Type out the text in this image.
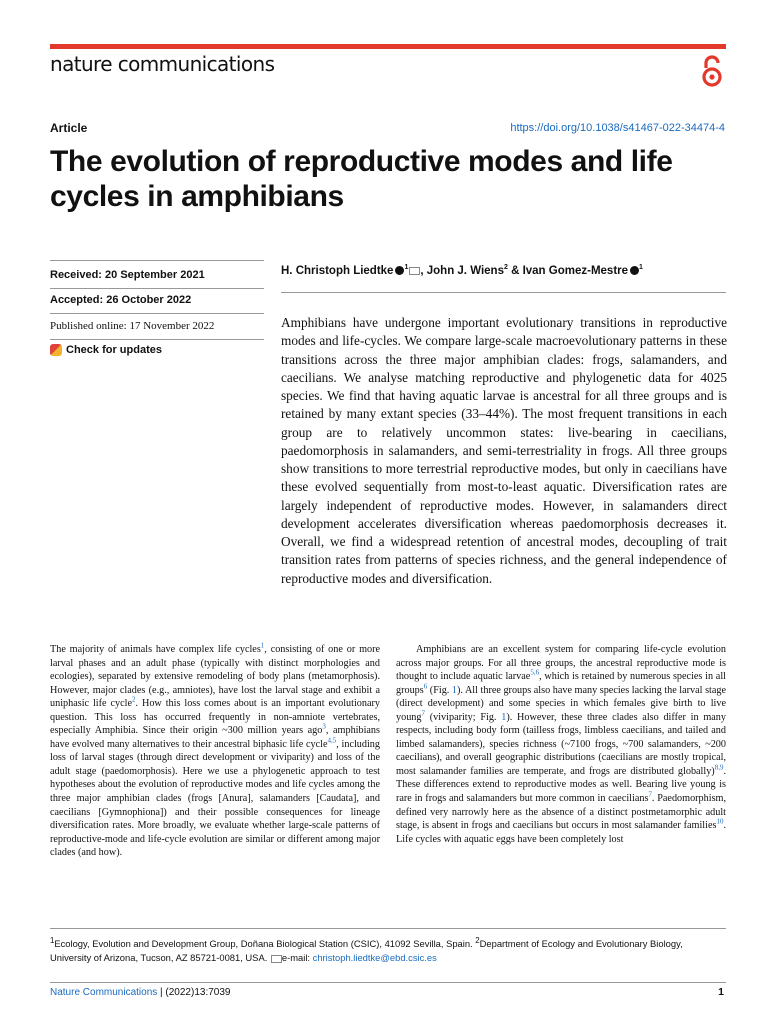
nature communications
Article	https://doi.org/10.1038/s41467-022-34474-4
The evolution of reproductive modes and life cycles in amphibians
Received: 20 September 2021
Accepted: 26 October 2022
Published online: 17 November 2022
Check for updates
H. Christoph Liedtke $^1$ , John J. Wiens$^2$ & Ivan Gomez-Mestre $^1$

Amphibians have undergone important evolutionary transitions in reproductive modes and life-cycles. We compare large-scale macroevolutionary patterns in these transitions across the three major amphibian clades: frogs, salamanders, and caecilians. We analyse matching reproductive and phylogenetic data for 4025 species. We find that having aquatic larvae is ancestral for all three groups and is retained by many extant species (33–44%). The most frequent transitions in each group are to relatively uncommon states: live-bearing in caecilians, paedomorphosis in salamanders, and semi-terrestriality in frogs. All three groups show transitions to more terrestrial reproductive modes, but only in caecilians have these evolved sequentially from most-to-least aquatic. Diversification rates are largely independent of reproductive modes. However, in salamanders direct development accelerates diversification whereas paedomorphosis decreases it. Overall, we find a widespread retention of ancestral modes, decoupling of trait transition rates from patterns of species richness, and the general independence of reproductive modes and diversification.

The majority of animals have complex life cycles$^1$, consisting of one or more larval phases and an adult phase (typically with distinct morphologies and ecologies), separated by extensive remodeling of body plans (metamorphosis). However, major clades (e.g., amniotes), have lost the larval stage and exhibit a uniphasic life cycle$^2$. How this loss comes about is an important evolutionary question. This loss has occurred frequently in non-amniote vertebrates, especially Amphibia. Since their origin ~300 million years ago$^3$, amphibians have evolved many alternatives to their ancestral biphasic life cycle$^{4,5}$, including loss of larval stages (through direct development or viviparity) and loss of the adult stage (paedomorphosis). Here we use a phylogenetic approach to test hypotheses about the evolution of reproductive modes and life cycles among the three major amphibian clades (frogs [Anura], salamanders [Caudata], and caecilians [Gymnophiona]) and their possible consequences for lineage diversification rates. More broadly, we evaluate whether large-scale patterns of reproductive-mode and life-cycle evolution are similar or different among major clades (and how).

Amphibians are an excellent system for comparing life-cycle evolution across major groups. For all three groups, the ancestral reproductive mode is thought to include aquatic larvae$^{5,6}$, which is retained by numerous species in all groups$^6$ (Fig. 1). All three groups also have many species lacking the larval stage (direct development) and some species in which females give birth to live young$^7$ (viviparity; Fig. 1). However, these three clades also differ in many respects, including body form (tailless frogs, limbless caecilians, and tailed and limbed salamanders), species richness (~7100 frogs, ~700 salamanders, ~200 caecilians), and overall geographic distributions (caecilians are mostly tropical, most salamander families are temperate, and frogs are distributed globally)$^{8,9}$. These differences extend to reproductive modes as well. Bearing live young is rare in frogs and salamanders but more common in caecilians$^7$. Paedomorphism, defined very narrowly here as the absence of a distinct postmetamorphic adult stage, is absent in frogs and caecilians but occurs in most salamander families$^{10}$. Life cycles with aquatic eggs have been completely lost

$^1$Ecology, Evolution and Development Group, Doñana Biological Station (CSIC), 41092 Sevilla, Spain. $^2$Department of Ecology and Evolutionary Biology, University of Arizona, Tucson, AZ 85721-0081, USA. e-mail: christoph.liedtke@ebd.csic.es

Nature Communications | (2022)13:7039	1
